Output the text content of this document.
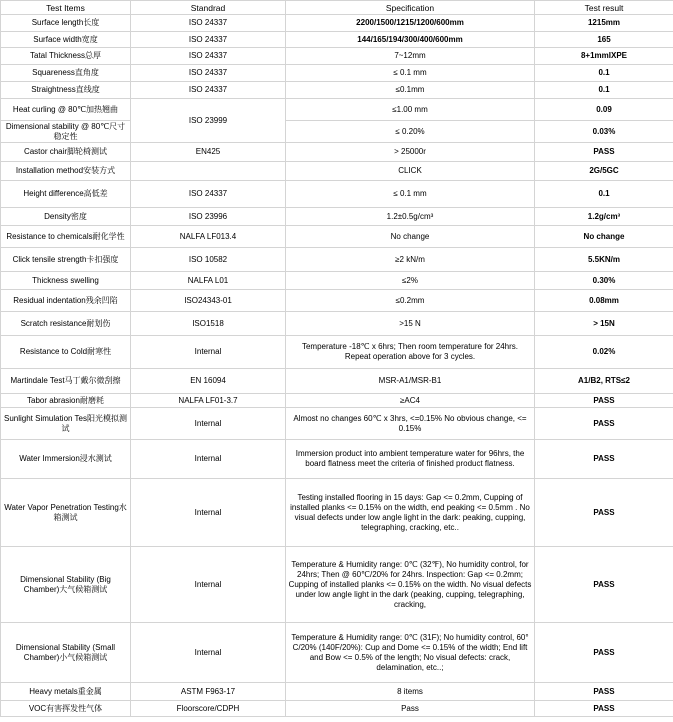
Test Items	Standrad	Specification	Test result
Surface length长度	ISO 24337	2200/1500/1215/1200/600mm	1215mm
Surface width宽度	ISO 24337	144/165/194/300/400/600mm	165
Tatal Thickness总厚	ISO 24337	7~12mm	8+1mmIXPE
Squareness直角度	ISO 24337	≤ 0.1 mm	0.1
Straightness直线度	ISO 24337	≤0.1mm	0.1
Heat curling @ 80℃加热翘曲	ISO 23999	≤1.00 mm	0.09
Dimensional stability @ 80℃尺寸稳定性		≤ 0.20%	0.03%
Castor chair脚轮椅测试	EN425	> 25000r	PASS
Installation method安装方式		CLICK	2G/5GC
Height difference高低差	ISO 24337	≤ 0.1 mm	0.1
Density密度	ISO 23996	1.2±0.5g/cm³	1.2g/cm³
Resistance to chemicals耐化学性	NALFA LF013.4	No change	No change
Click tensile strength卡扣强度	ISO 10582	≥2 kN/m	5.5KN/m
Thickness swelling	NALFA L01	≤2%	0.30%
Residual indentation残余凹陷	ISO24343-01	≤0.2mm	0.08mm
Scratch resistance耐划伤	ISO1518	>15 N	> 15N
Resistance to Cold耐寒性	Internal	Temperature -18℃ x 6hrs; Then room temperature for 24hrs. Repeat operation above for 3 cycles.	0.02%
Martindale Test马丁戴尔微刮擦	EN 16094	MSR-A1/MSR-B1	A1/B2, RTS≤2
Tabor abrasion耐磨耗	NALFA LF01-3.7	≥AC4	PASS
Sunlight Simulation Tes阳光模拟测试	Internal	Almost no changes 60℃ x 3hrs, <=0.15% No obvious change, <= 0.15%	PASS
Water Immersion浸水测试	Internal	Immersion product into ambient temperature water for 96hrs, the board flatness meet the criteria of finished product flatness.	PASS
Water Vapor Penetration Testing水箱测试	Internal	Testing installed flooring in 15 days: Gap <= 0.2mm, Cupping of installed planks <= 0.15% on the width, end peaking <= 0.5mm . No visual defects under low angle light in the dark: peaking, cupping, telegraphing, cracking, etc..	PASS
Dimensional Stability (Big Chamber)大气候箱测试	Internal	Temperature & Humidity range: 0℃ (32℉), No humidity control, for 24hrs; Then @ 60℃/20% for 24hrs. Inspection: Gap <= 0.2mm; Cupping of installed planks <= 0.15% on the width. No visual defects under low angle light in the dark (peaking, cupping, telegraphing, cracking,	PASS
Dimensional Stability (Small Chamber)小气候箱测试	Internal	Temperature & Humidity range: 0℃ (31F); No humidity control, 60° C/20% (140F/20%): Cup and Dome <= 0.15% of the width; End lift and Bow <= 0.5% of the length; No visual defects: crack, delamination, etc..;	PASS
Heavy metals重金属	ASTM F963-17	8 items	PASS
VOC有害挥发性气体	Floorscore/CDPH	Pass	PASS
